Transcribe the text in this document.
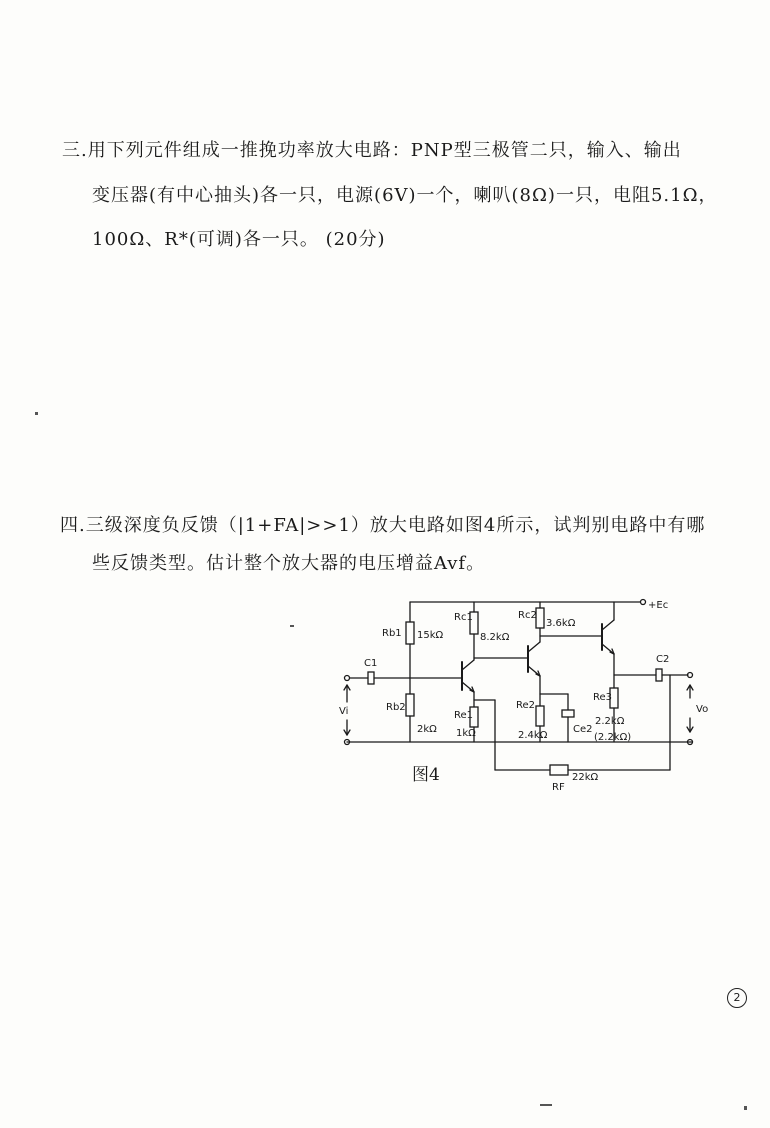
三.用下列元件组成一推挽功率放大电路：PNP型三极管二只，输入、输出
变压器(有中心抽头)各一只，电源(6V)一个，喇叭(8Ω)一只，电阻5.1Ω，
100Ω、R*(可调)各一只。 (20分)
四.三级深度负反馈（|1+FA|>>1）放大电路如图4所示，试判别电路中有哪
些反馈类型。估计整个放大器的电压增益Avf。
+Ec
Vi
C1
Rb1 15kΩ
Rb2
2kΩ
Rc1
8.2kΩ
Re1
1kΩ
RF
22kΩ
Rc2
3.6kΩ
Re2
2.4kΩ
Ce2
(2.2kΩ)
Re3
2.2kΩ
C2
Vo
图4
2
